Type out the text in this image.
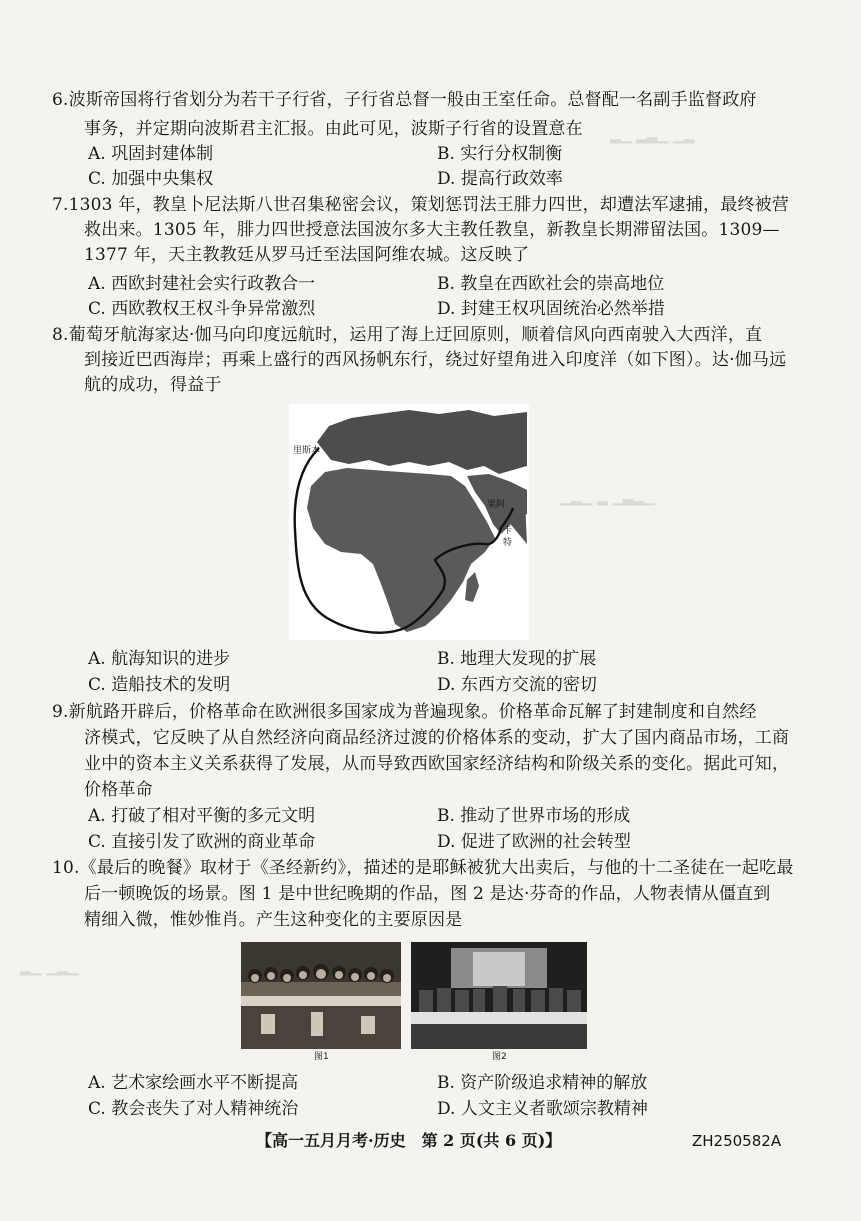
▂▁ ▂▃▁ ▁▂
▁▂▁ ▂ ▁▃▂▁
▂▁ ▁▂▁
6.波斯帝国将行省划分为若干子行省，子行省总督一般由王室任命。总督配一名副手监督政府
事务，并定期向波斯君主汇报。由此可见，波斯子行省的设置意在
A. 巩固封建体制	B. 实行分权制衡
C. 加强中央集权	D. 提高行政效率
7.1303 年，教皇卜尼法斯八世召集秘密会议，策划惩罚法王腓力四世，却遭法军逮捕，最终被营
救出来。1305 年，腓力四世授意法国波尔多大主教任教皇，新教皇长期滞留法国。1309—
1377 年，天主教教廷从罗马迁至法国阿维农城。这反映了
A. 西欧封建社会实行政教合一	B. 教皇在西欧社会的崇高地位
C. 西欧教权王权斗争异常激烈	D. 封建王权巩固统治必然举措
8.葡萄牙航海家达·伽马向印度远航时，运用了海上迂回原则，顺着信风向西南驶入大西洋，直
到接近巴西海岸；再乘上盛行的西风扬帆东行，绕过好望角进入印度洋（如下图）。达·伽马远
航的成功，得益于
里斯本
果阿
卡
特
A. 航海知识的进步	B. 地理大发现的扩展
C. 造船技术的发明	D. 东西方交流的密切
9.新航路开辟后，价格革命在欧洲很多国家成为普遍现象。价格革命瓦解了封建制度和自然经
济模式，它反映了从自然经济向商品经济过渡的价格体系的变动，扩大了国内商品市场，工商
业中的资本主义关系获得了发展，从而导致西欧国家经济结构和阶级关系的变化。据此可知，
价格革命
A. 打破了相对平衡的多元文明	B. 推动了世界市场的形成
C. 直接引发了欧洲的商业革命	D. 促进了欧洲的社会转型
10.《最后的晚餐》取材于《圣经新约》，描述的是耶稣被犹大出卖后，与他的十二圣徒在一起吃最
后一顿晚饭的场景。图 1 是中世纪晚期的作品，图 2 是达·芬奇的作品，人物表情从僵直到
精细入微，惟妙惟肖。产生这种变化的主要原因是
图1	图2
A. 艺术家绘画水平不断提高	B. 资产阶级追求精神的解放
C. 教会丧失了对人精神统治	D. 人文主义者歌颂宗教精神
【高一五月月考·历史　第 2 页(共 6 页)】	ZH250582A
